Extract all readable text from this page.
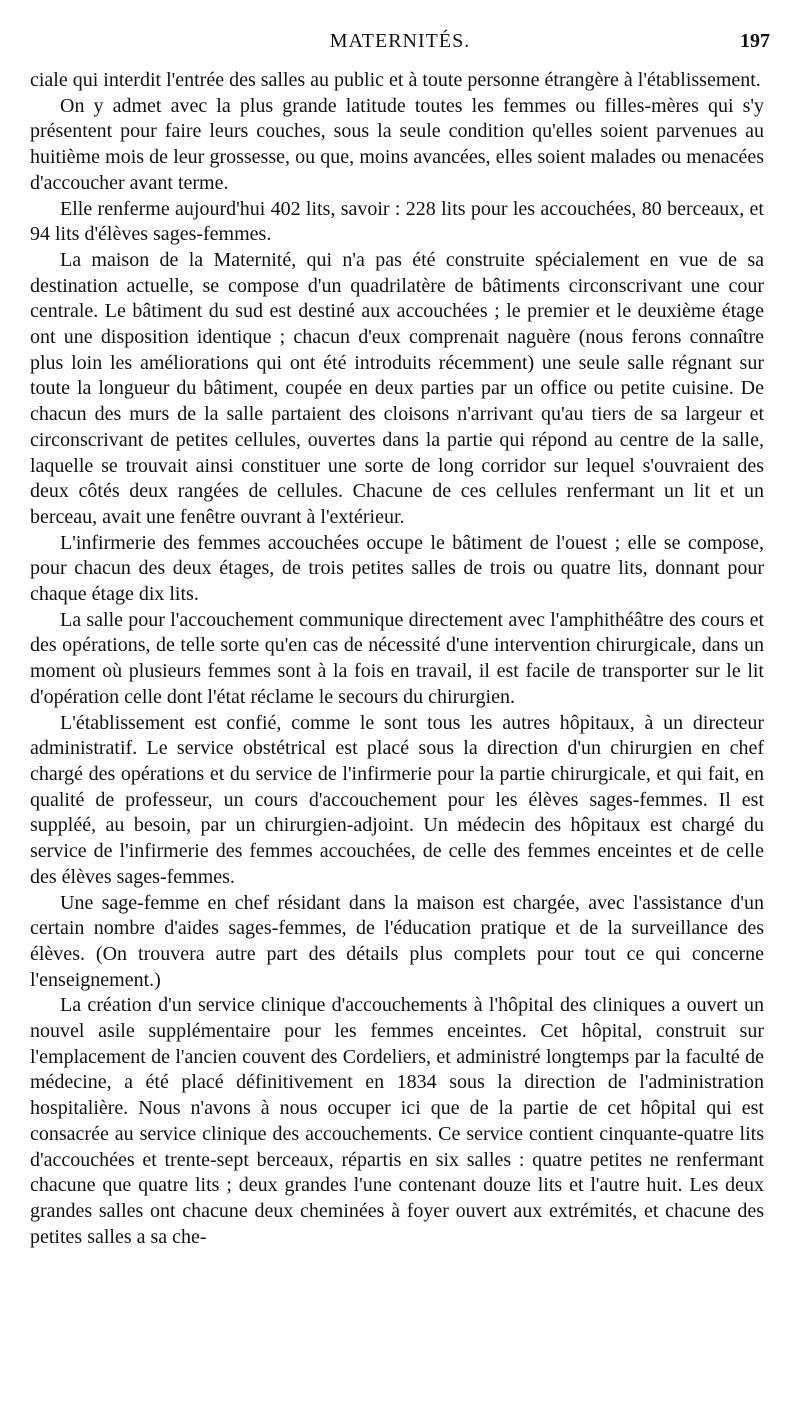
MATERNITÉS.	197

ciale qui interdit l'entrée des salles au public et à toute personne étrangère à l'établissement.

On y admet avec la plus grande latitude toutes les femmes ou filles-mères qui s'y présentent pour faire leurs couches, sous la seule condition qu'elles soient parvenues au huitième mois de leur grossesse, ou que, moins avancées, elles soient malades ou menacées d'accoucher avant terme.

Elle renferme aujourd'hui 402 lits, savoir : 228 lits pour les accouchées, 80 berceaux, et 94 lits d'élèves sages-femmes.

La maison de la Maternité, qui n'a pas été construite spécialement en vue de sa destination actuelle, se compose d'un quadrilatère de bâtiments circonscrivant une cour centrale. Le bâtiment du sud est destiné aux accouchées ; le premier et le deuxième étage ont une disposition identique ; chacun d'eux comprenait naguère (nous ferons connaître plus loin les améliorations qui ont été introduits récemment) une seule salle régnant sur toute la longueur du bâtiment, coupée en deux parties par un office ou petite cuisine. De chacun des murs de la salle partaient des cloisons n'arrivant qu'au tiers de sa largeur et circonscrivant de petites cellules, ouvertes dans la partie qui répond au centre de la salle, laquelle se trouvait ainsi constituer une sorte de long corridor sur lequel s'ouvraient des deux côtés deux rangées de cellules. Chacune de ces cellules renfermant un lit et un berceau, avait une fenêtre ouvrant à l'extérieur.

L'infirmerie des femmes accouchées occupe le bâtiment de l'ouest ; elle se compose, pour chacun des deux étages, de trois petites salles de trois ou quatre lits, donnant pour chaque étage dix lits.

La salle pour l'accouchement communique directement avec l'amphithéâtre des cours et des opérations, de telle sorte qu'en cas de nécessité d'une intervention chirurgicale, dans un moment où plusieurs femmes sont à la fois en travail, il est facile de transporter sur le lit d'opération celle dont l'état réclame le secours du chirurgien.

L'établissement est confié, comme le sont tous les autres hôpitaux, à un directeur administratif. Le service obstétrical est placé sous la direction d'un chirurgien en chef chargé des opérations et du service de l'infirmerie pour la partie chirurgicale, et qui fait, en qualité de professeur, un cours d'accouchement pour les élèves sages-femmes. Il est suppléé, au besoin, par un chirurgien-adjoint. Un médecin des hôpitaux est chargé du service de l'infirmerie des femmes accouchées, de celle des femmes enceintes et de celle des élèves sages-femmes.

Une sage-femme en chef résidant dans la maison est chargée, avec l'assistance d'un certain nombre d'aides sages-femmes, de l'éducation pratique et de la surveillance des élèves. (On trouvera autre part des détails plus complets pour tout ce qui concerne l'enseignement.)

La création d'un service clinique d'accouchements à l'hôpital des cliniques a ouvert un nouvel asile supplémentaire pour les femmes enceintes. Cet hôpital, construit sur l'emplacement de l'ancien couvent des Cordeliers, et administré longtemps par la faculté de médecine, a été placé définitivement en 1834 sous la direction de l'administration hospitalière. Nous n'avons à nous occuper ici que de la partie de cet hôpital qui est consacrée au service clinique des accouchements. Ce service contient cinquante-quatre lits d'accouchées et trente-sept berceaux, répartis en six salles : quatre petites ne renfermant chacune que quatre lits ; deux grandes l'une contenant douze lits et l'autre huit. Les deux grandes salles ont chacune deux cheminées à foyer ouvert aux extrémités, et chacune des petites salles a sa che-
